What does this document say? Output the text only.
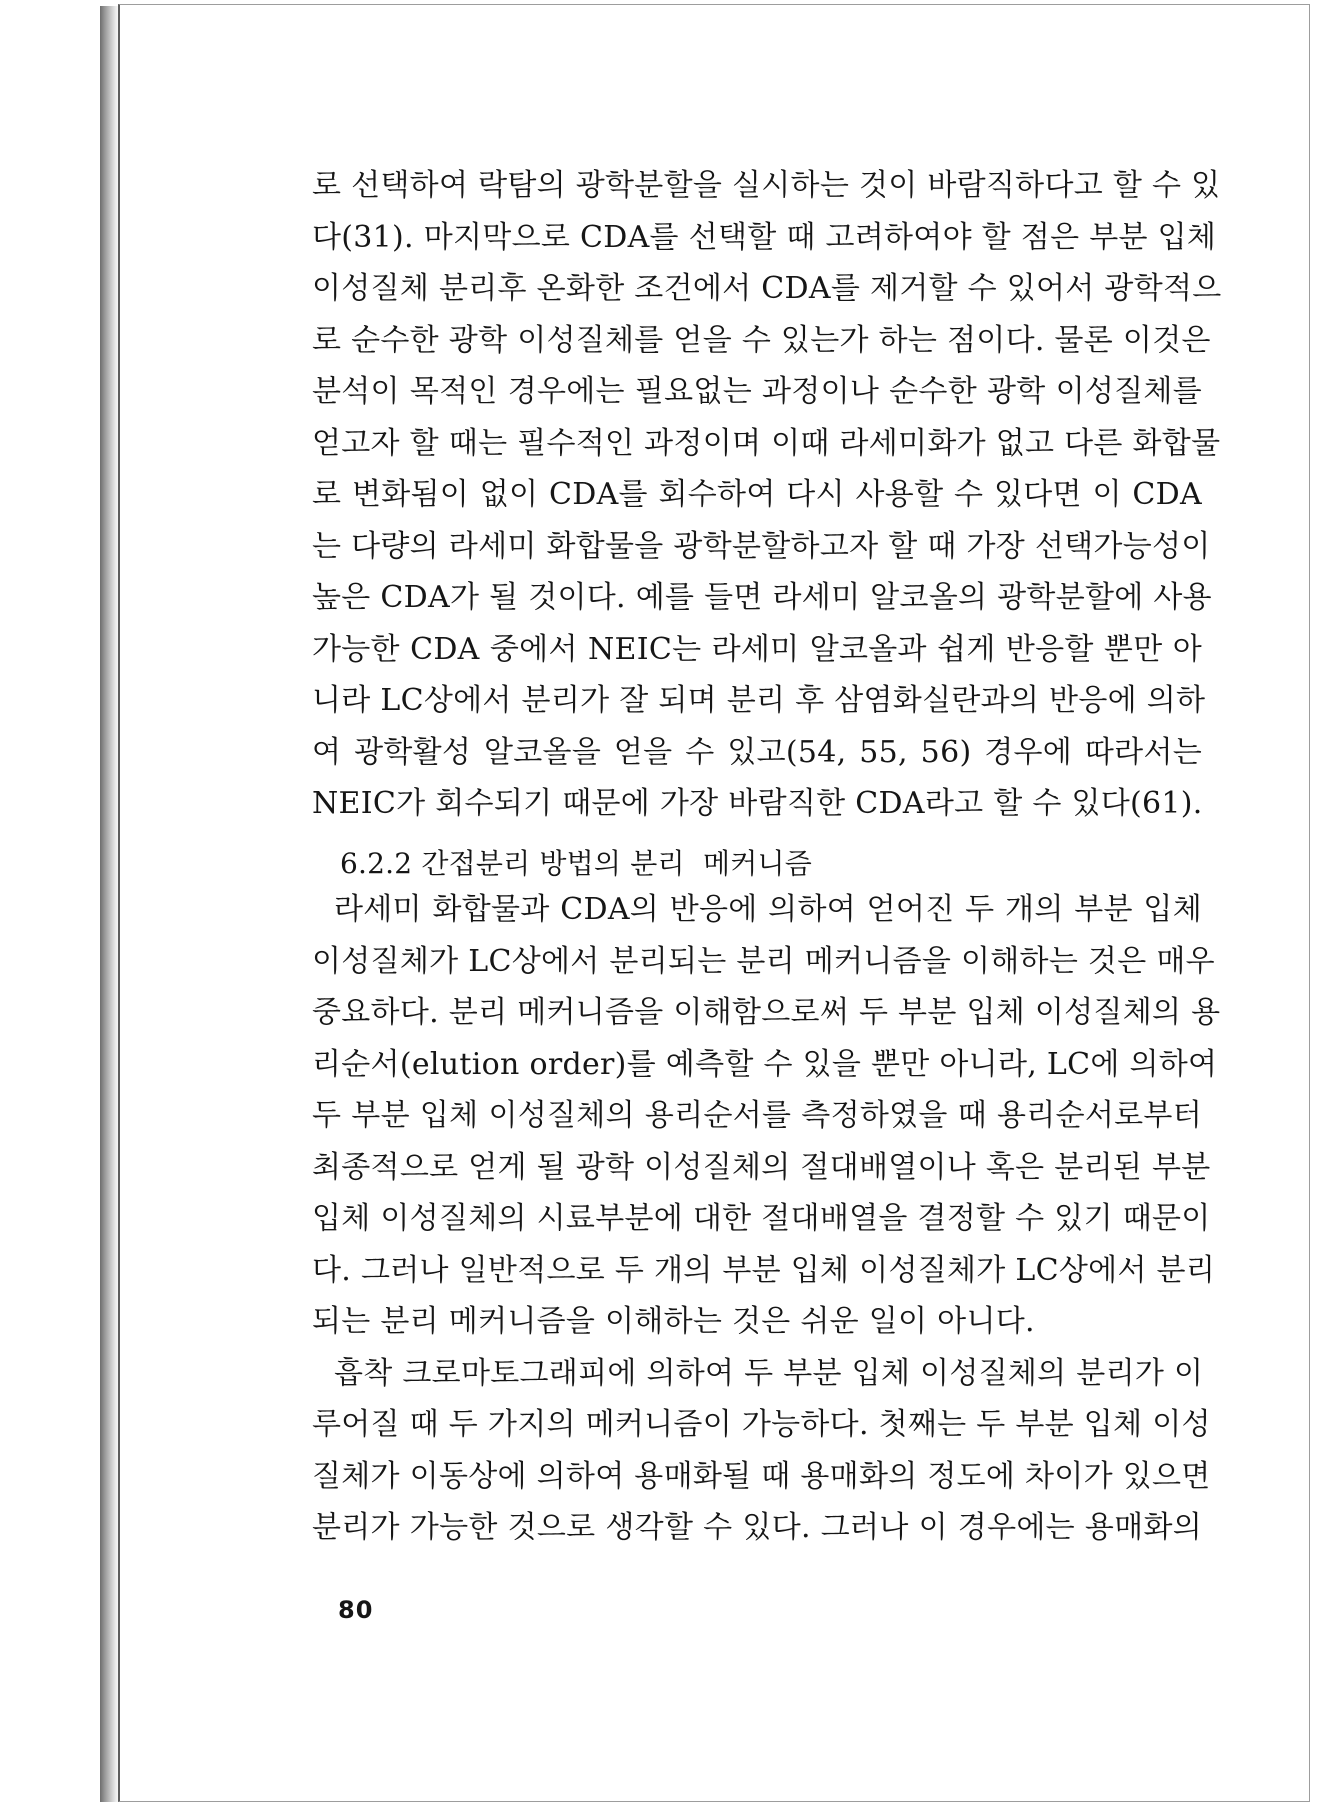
로 선택하여 락탐의 광학분할을 실시하는 것이 바람직하다고 할 수 있
다(31). 마지막으로 CDA를 선택할 때 고려하여야 할 점은 부분 입체
이성질체 분리후 온화한 조건에서 CDA를 제거할 수 있어서 광학적으
로 순수한 광학 이성질체를 얻을 수 있는가 하는 점이다. 물론 이것은
분석이 목적인 경우에는 필요없는 과정이나 순수한 광학 이성질체를
얻고자 할 때는 필수적인 과정이며 이때 라세미화가 없고 다른 화합물
로 변화됨이 없이 CDA를 회수하여 다시 사용할 수 있다면 이 CDA
는 다량의 라세미 화합물을 광학분할하고자 할 때 가장 선택가능성이
높은 CDA가 될 것이다. 예를 들면 라세미 알코올의 광학분할에 사용
가능한 CDA 중에서 NEIC는 라세미 알코올과 쉽게 반응할 뿐만 아
니라 LC상에서 분리가 잘 되며 분리 후 삼염화실란과의 반응에 의하
여 광학활성 알코올을 얻을 수 있고(54, 55, 56) 경우에 따라서는
NEIC가 회수되기 때문에 가장 바람직한 CDA라고 할 수 있다(61).
6.2.2 간접분리 방법의 분리  메커니즘
라세미 화합물과 CDA의 반응에 의하여 얻어진 두 개의 부분 입체
이성질체가 LC상에서 분리되는 분리 메커니즘을 이해하는 것은 매우
중요하다. 분리 메커니즘을 이해함으로써 두 부분 입체 이성질체의 용
리순서(elution order)를 예측할 수 있을 뿐만 아니라, LC에 의하여
두 부분 입체 이성질체의 용리순서를 측정하였을 때 용리순서로부터
최종적으로 얻게 될 광학 이성질체의 절대배열이나 혹은 분리된 부분
입체 이성질체의 시료부분에 대한 절대배열을 결정할 수 있기 때문이
다. 그러나 일반적으로 두 개의 부분 입체 이성질체가 LC상에서 분리
되는 분리 메커니즘을 이해하는 것은 쉬운 일이 아니다.
흡착 크로마토그래피에 의하여 두 부분 입체 이성질체의 분리가 이
루어질 때 두 가지의 메커니즘이 가능하다. 첫째는 두 부분 입체 이성
질체가 이동상에 의하여 용매화될 때 용매화의 정도에 차이가 있으면
분리가 가능한 것으로 생각할 수 있다. 그러나 이 경우에는 용매화의
80
